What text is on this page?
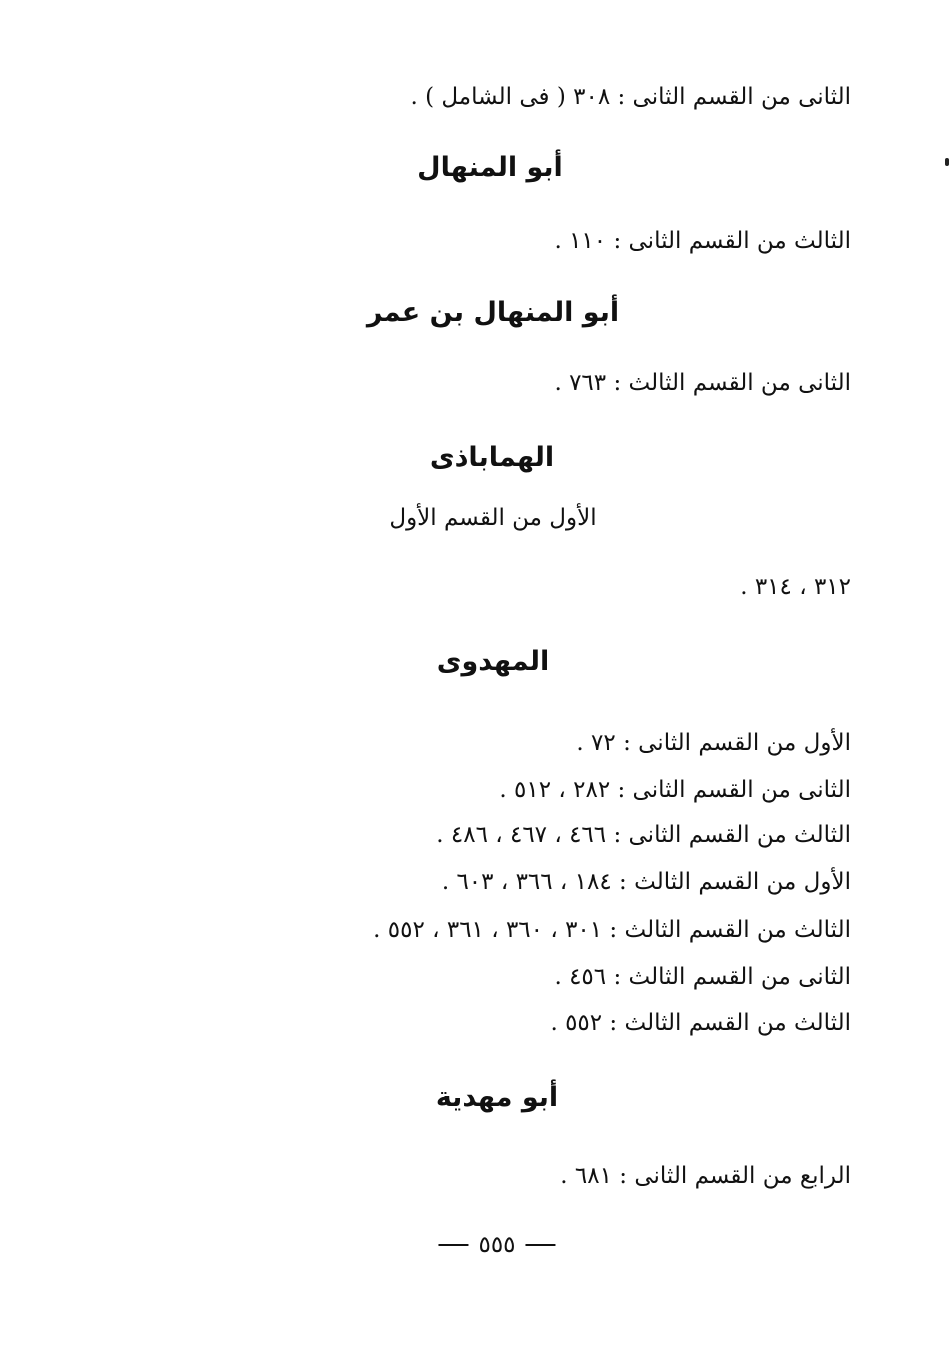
الثانى من القسم الثانى : ٣٠٨ ( فى الشامل ) .
أبو المنهال
الثالث من القسم الثانى : ١١٠ .
أبو المنهال بن عمر
الثانى من القسم الثالث : ٧٦٣ .
الهماباذى
الأول من القسم الأول
٣١٢ ، ٣١٤ .
المهدوى
الأول من القسم الثانى : ٧٢ .
الثانى من القسم الثانى : ٢٨٢ ، ٥١٢ .
الثالث من القسم الثانى : ٤٦٦ ، ٤٦٧ ، ٤٨٦ .
الأول من القسم الثالث : ١٨٤ ، ٣٦٦ ، ٦٠٣ .
الثالث من القسم الثالث : ٣٠١ ، ٣٦٠ ، ٣٦١ ، ٥٥٢ .
الثانى من القسم الثالث : ٤٥٦ .
الثالث من القسم الثالث : ٥٥٢ .
أبو مهدية
الرابع من القسم الثانى : ٦٨١ .
٥٥٥
